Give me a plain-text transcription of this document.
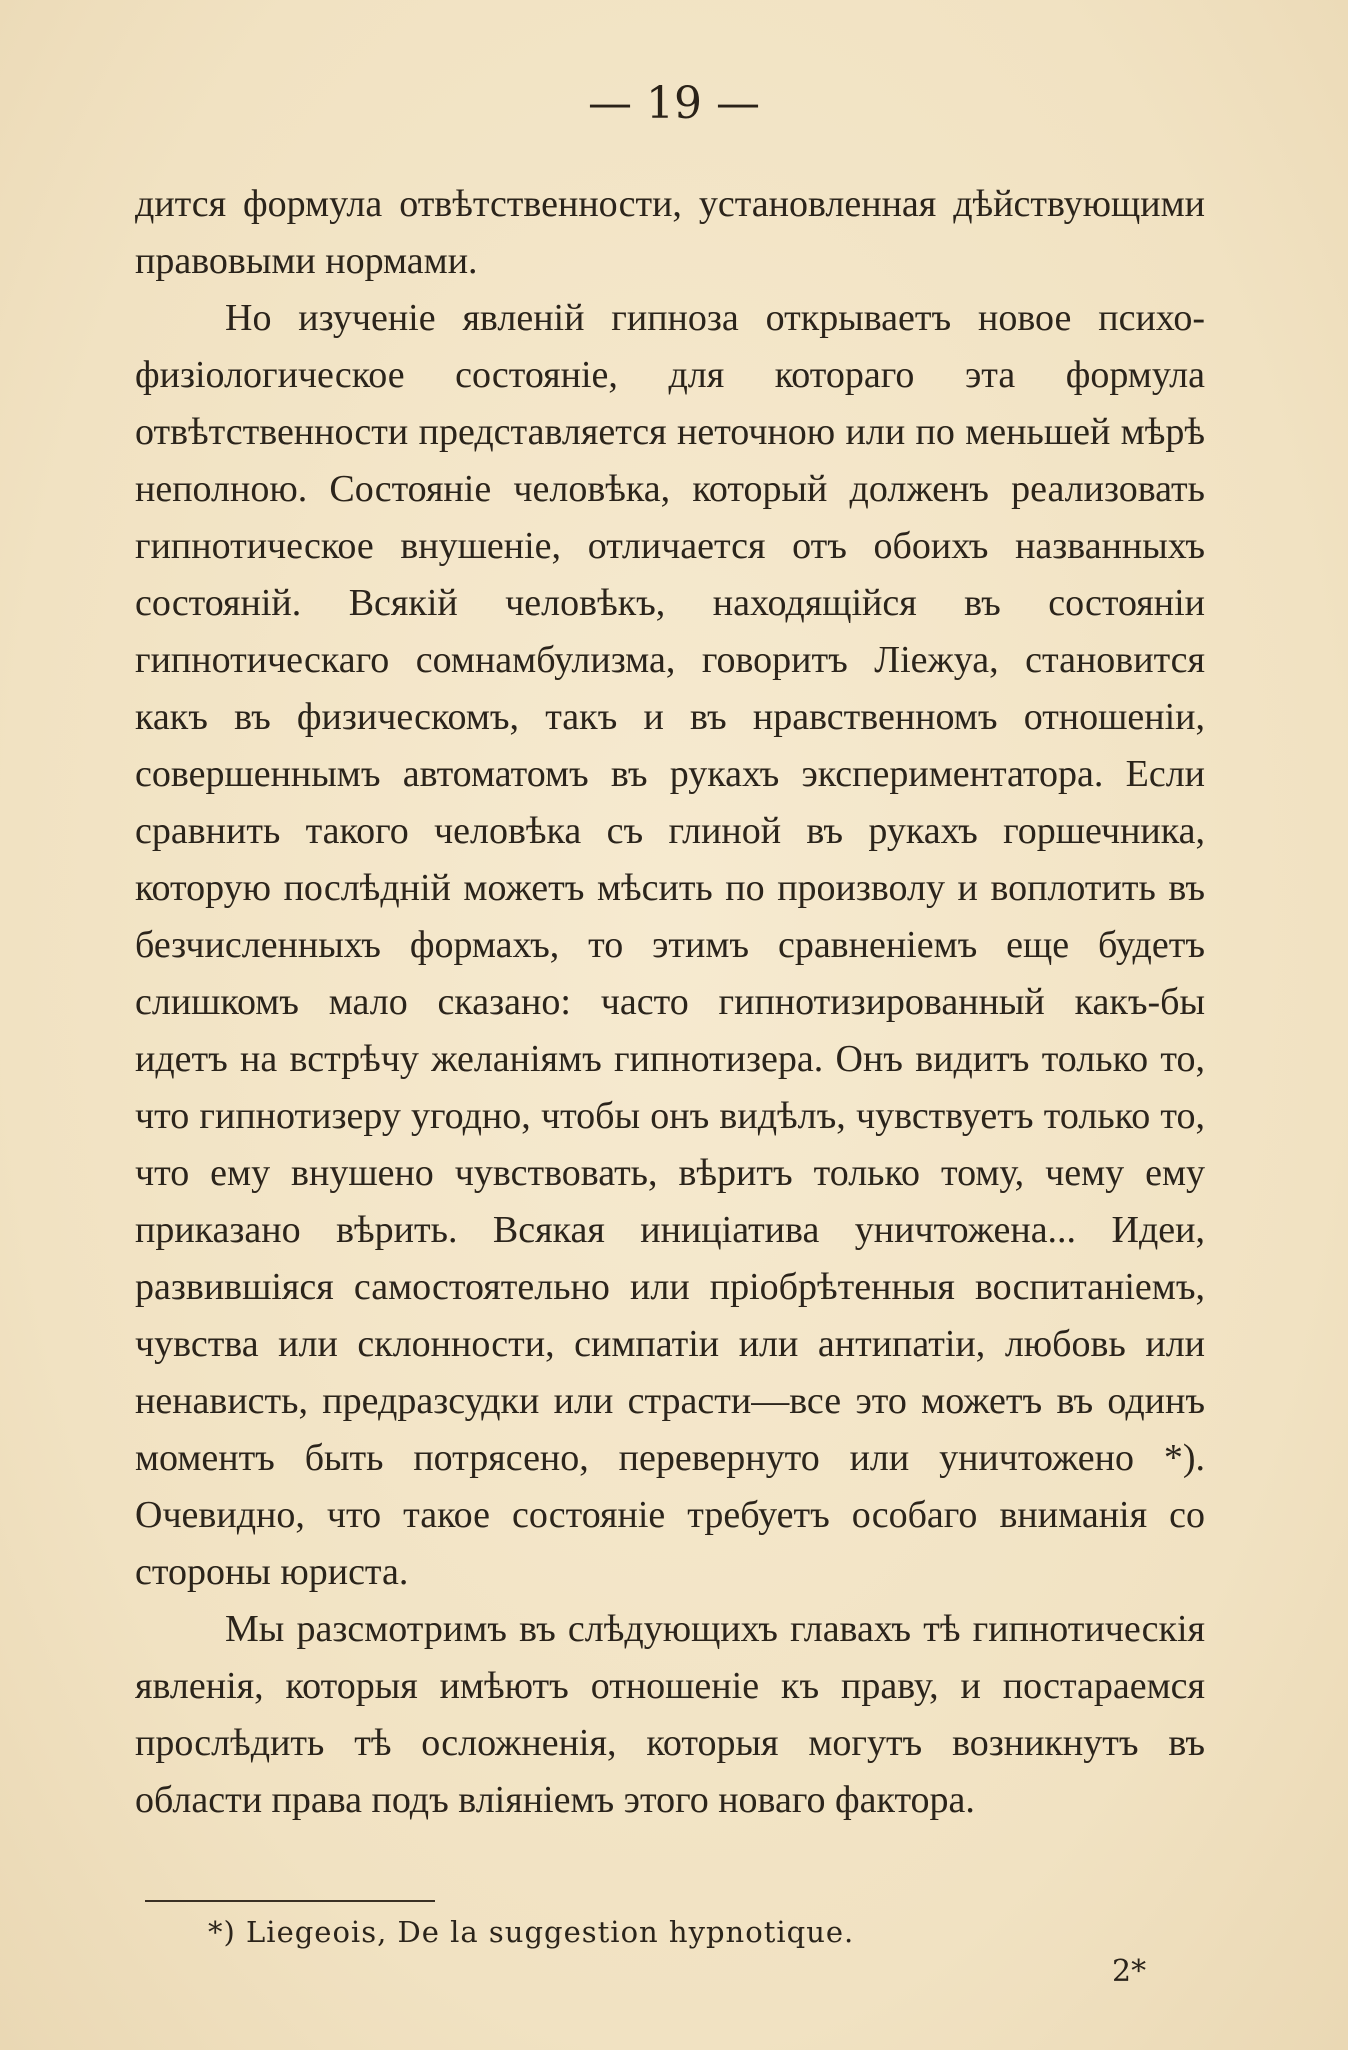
— 19 —

дится формула отвѣтственности, установленная дѣйствующими правовыми нормами.

Но изученіе явленій гипноза открываетъ новое психо-физіологическое состояніе, для котораго эта формула отвѣтственности представляется неточною или по меньшей мѣрѣ неполною. Состояніе человѣка, который долженъ реализовать гипнотическое внушеніе, отличается отъ обоихъ названныхъ состояній. Всякій человѣкъ, находящійся въ состояніи гипнотическаго сомнамбулизма, говоритъ Ліежуа, становится какъ въ физическомъ, такъ и въ нравственномъ отношеніи, совершеннымъ автоматомъ въ рукахъ экспериментатора. Если сравнить такого человѣка съ глиной въ рукахъ горшечника, которую послѣдній можетъ мѣсить по произволу и воплотить въ безчисленныхъ формахъ, то этимъ сравненіемъ еще будетъ слишкомъ мало сказано: часто гипнотизированный какъ-бы идетъ на встрѣчу желаніямъ гипнотизера. Онъ видитъ только то, что гипнотизеру угодно, чтобы онъ видѣлъ, чувствуетъ только то, что ему внушено чувствовать, вѣритъ только тому, чему ему приказано вѣрить. Всякая иниціатива уничтожена... Идеи, развившіяся самостоятельно или пріобрѣтенныя воспитаніемъ, чувства или склонности, симпатіи или антипатіи, любовь или ненависть, предразсудки или страсти—все это можетъ въ одинъ моментъ быть потрясено, перевернуто или уничтожено *). Очевидно, что такое состояніе требуетъ особаго вниманія со стороны юриста.

Мы разсмотримъ въ слѣдующихъ главахъ тѣ гипнотическія явленія, которыя имѣютъ отношеніе къ праву, и постараемся прослѣдить тѣ осложненія, которыя могутъ возникнутъ въ области права подъ вліяніемъ этого новаго фактора.

*) Liegeois, De la suggestion hypnotique.
2*
